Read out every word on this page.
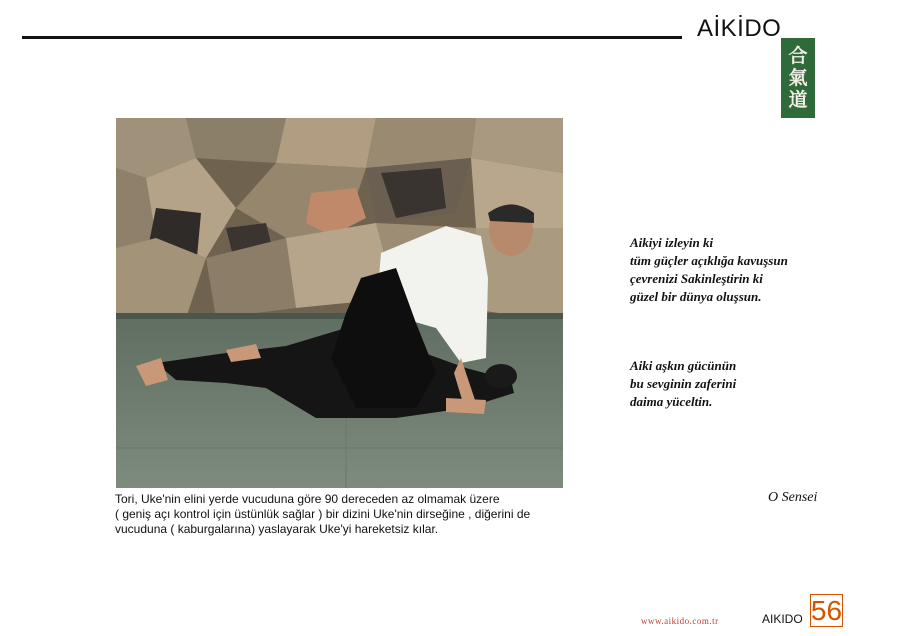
AİKİDO
合
氣
道
Tori, Uke'nin elini yerde vucuduna göre 90 dereceden az olmamak üzere
( geniş açı kontrol için üstünlük sağlar ) bir dizini Uke'nin dirseğine , diğerini de
vucuduna ( kaburgalarına) yaslayarak Uke'yi hareketsiz kılar.
Aikiyi izleyin ki
tüm güçler açıklığa kavuşsun
çevrenizi Sakinleştirin ki
güzel bir dünya oluşsun.
Aiki aşkın gücünün
bu sevginin zaferini
daima yüceltin.
O Sensei
www.aikido.com.tr	AIKIDO 56
